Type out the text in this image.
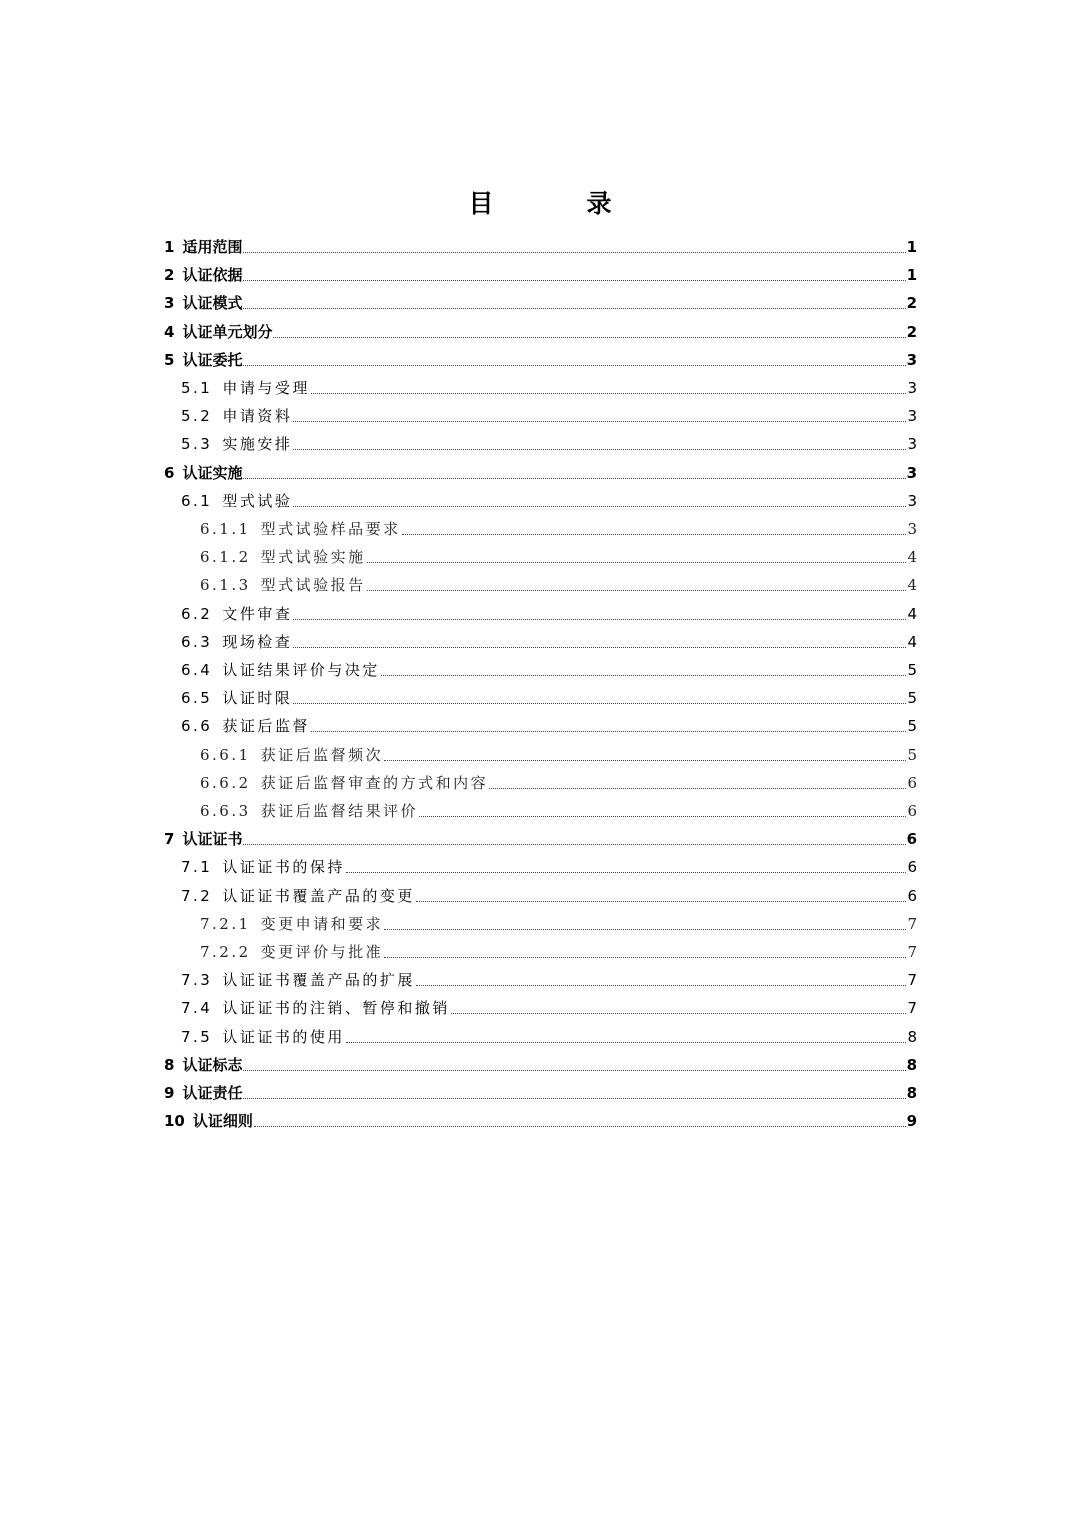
目　录
1 适用范围	1
2 认证依据	1
3 认证模式	2
4 认证单元划分	2
5 认证委托	3
5.1 申请与受理	3
5.2 申请资料	3
5.3 实施安排	3
6 认证实施	3
6.1 型式试验	3
6.1.1 型式试验样品要求	3
6.1.2 型式试验实施	4
6.1.3 型式试验报告	4
6.2 文件审查	4
6.3 现场检查	4
6.4 认证结果评价与决定	5
6.5 认证时限	5
6.6 获证后监督	5
6.6.1 获证后监督频次	5
6.6.2 获证后监督审查的方式和内容	6
6.6.3 获证后监督结果评价	6
7 认证证书	6
7.1 认证证书的保持	6
7.2 认证证书覆盖产品的变更	6
7.2.1 变更申请和要求	7
7.2.2 变更评价与批准	7
7.3 认证证书覆盖产品的扩展	7
7.4 认证证书的注销、暂停和撤销	7
7.5 认证证书的使用	8
8 认证标志	8
9 认证责任	8
10 认证细则	9
